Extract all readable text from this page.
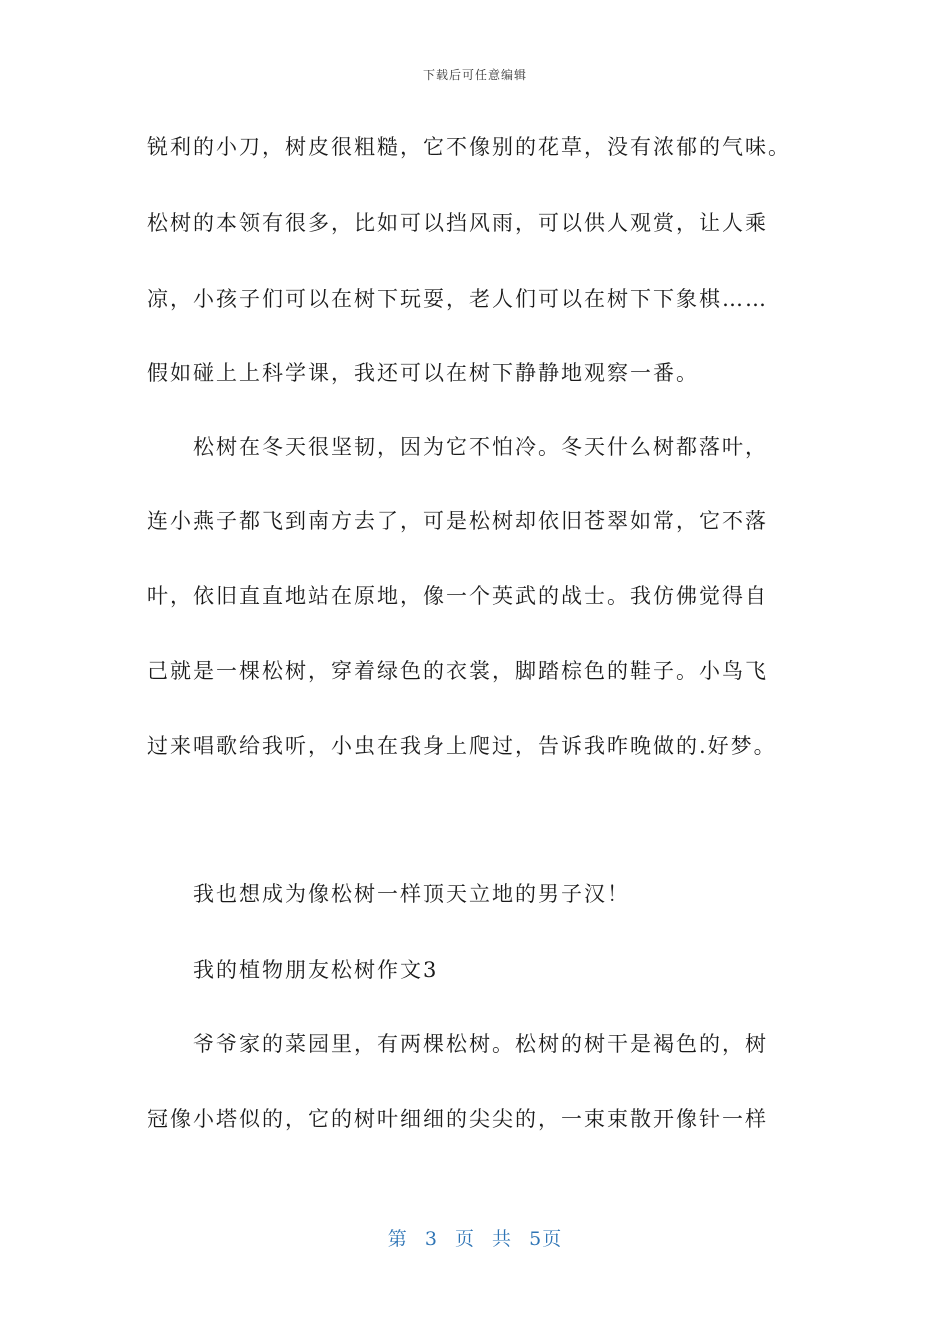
下载后可任意编辑
锐利的小刀，树皮很粗糙，它不像别的花草，没有浓郁的气味。
松树的本领有很多，比如可以挡风雨，可以供人观赏，让人乘
凉，小孩子们可以在树下玩耍，老人们可以在树下下象棋……
假如碰上上科学课，我还可以在树下静静地观察一番。
松树在冬天很坚韧，因为它不怕冷。冬天什么树都落叶，
连小燕子都飞到南方去了，可是松树却依旧苍翠如常，它不落
叶，依旧直直地站在原地，像一个英武的战士。我仿佛觉得自
己就是一棵松树，穿着绿色的衣裳，脚踏棕色的鞋子。小鸟飞
过来唱歌给我听，小虫在我身上爬过，告诉我昨晚做的.好梦。
我也想成为像松树一样顶天立地的男子汉！
我的植物朋友松树作文3
爷爷家的菜园里，有两棵松树。松树的树干是褐色的，树
冠像小塔似的，它的树叶细细的尖尖的，一束束散开像针一样
第 3 页 共 5页
